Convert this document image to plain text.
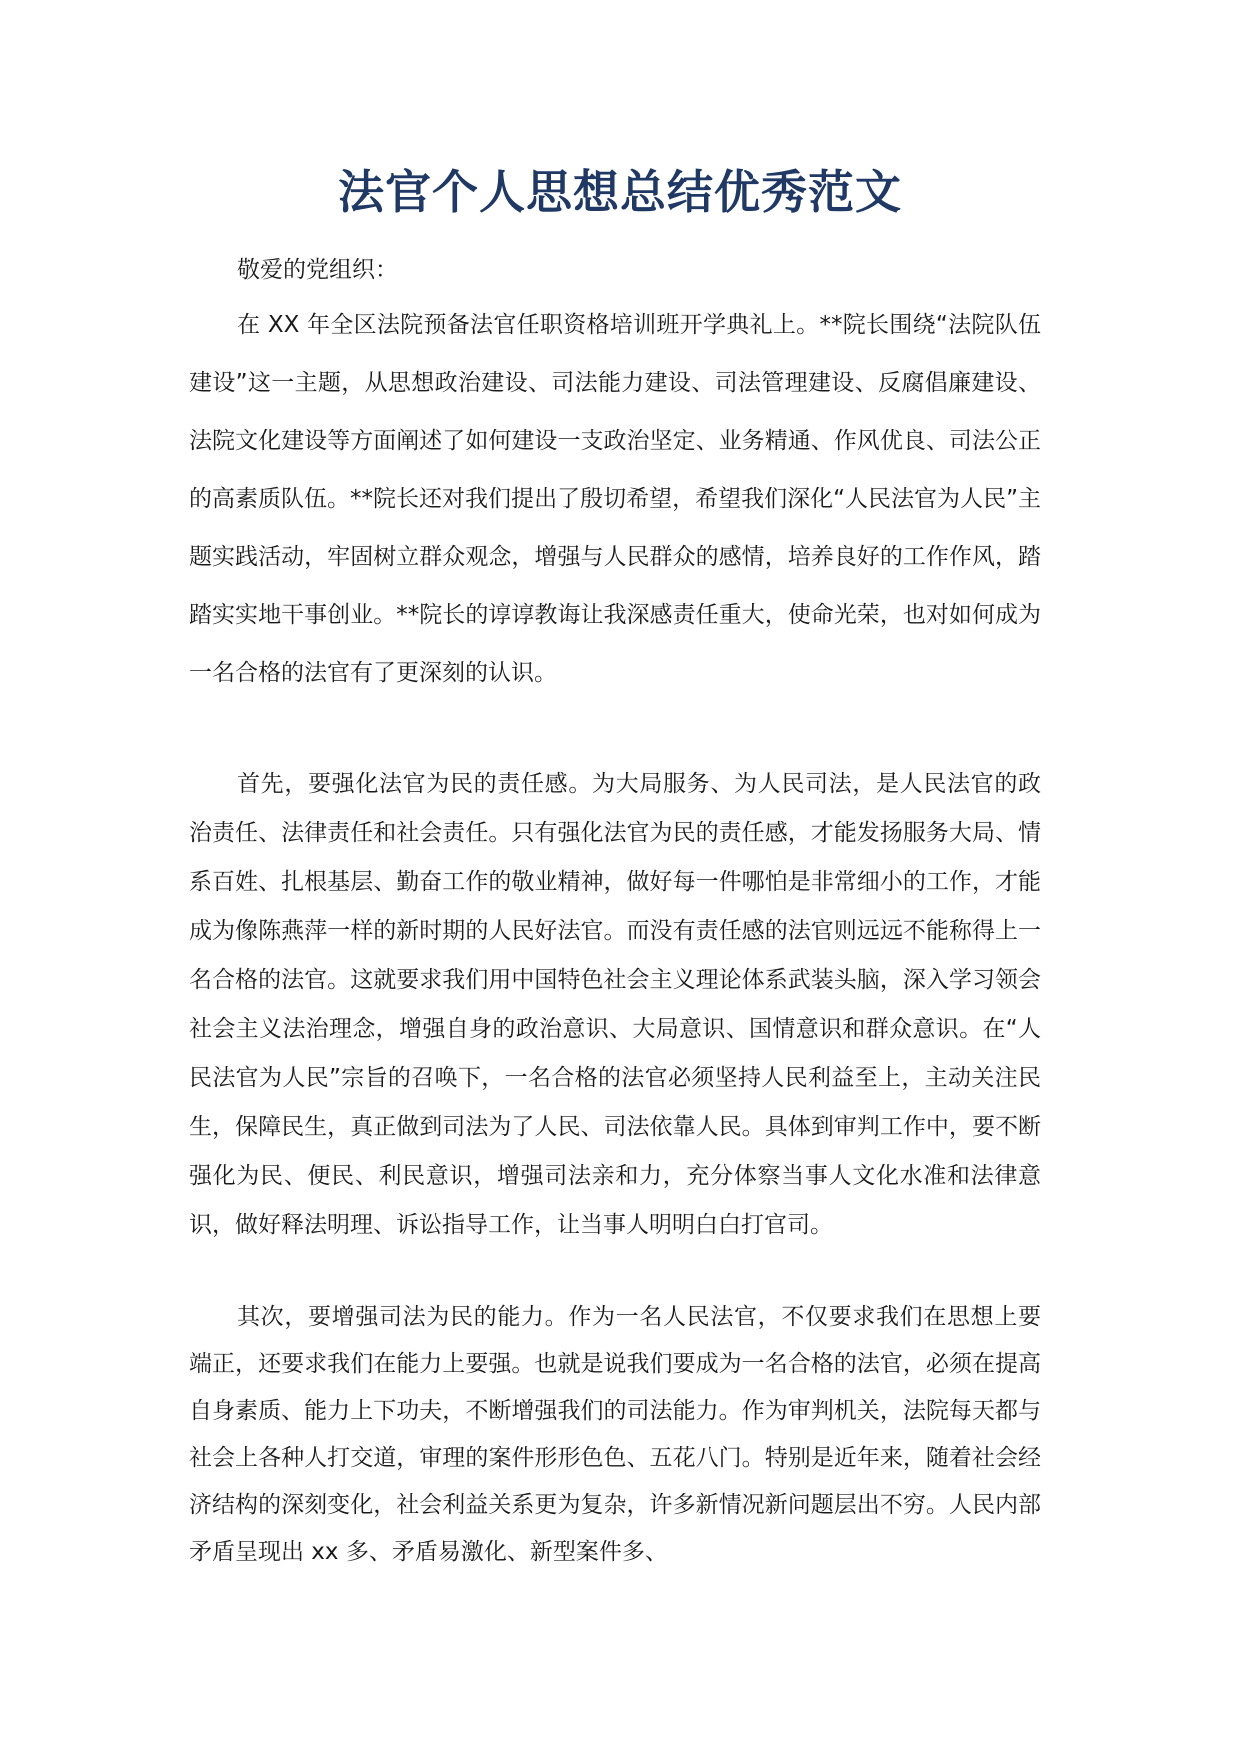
法官个人思想总结优秀范文

敬爱的党组织：

在 XX 年全区法院预备法官任职资格培训班开学典礼上。**院长围绕“法院队伍建设”这一主题，从思想政治建设、司法能力建设、司法管理建设、反腐倡廉建设、法院文化建设等方面阐述了如何建设一支政治坚定、业务精通、作风优良、司法公正的高素质队伍。**院长还对我们提出了殷切希望，希望我们深化“人民法官为人民”主题实践活动，牢固树立群众观念，增强与人民群众的感情，培养良好的工作作风，踏踏实实地干事创业。**院长的谆谆教诲让我深感责任重大，使命光荣，也对如何成为一名合格的法官有了更深刻的认识。

首先，要强化法官为民的责任感。为大局服务、为人民司法，是人民法官的政治责任、法律责任和社会责任。只有强化法官为民的责任感，才能发扬服务大局、情系百姓、扎根基层、勤奋工作的敬业精神，做好每一件哪怕是非常细小的工作，才能成为像陈燕萍一样的新时期的人民好法官。而没有责任感的法官则远远不能称得上一名合格的法官。这就要求我们用中国特色社会主义理论体系武装头脑，深入学习领会社会主义法治理念，增强自身的政治意识、大局意识、国情意识和群众意识。在“人民法官为人民”宗旨的召唤下，一名合格的法官必须坚持人民利益至上，主动关注民生，保障民生，真正做到司法为了人民、司法依靠人民。具体到审判工作中，要不断强化为民、便民、利民意识，增强司法亲和力，充分体察当事人文化水准和法律意识，做好释法明理、诉讼指导工作，让当事人明明白白打官司。

其次，要增强司法为民的能力。作为一名人民法官，不仅要求我们在思想上要端正，还要求我们在能力上要强。也就是说我们要成为一名合格的法官，必须在提高自身素质、能力上下功夫，不断增强我们的司法能力。作为审判机关，法院每天都与社会上各种人打交道，审理的案件形形色色、五花八门。特别是近年来，随着社会经济结构的深刻变化，社会利益关系更为复杂，许多新情况新问题层出不穷。人民内部矛盾呈现出 xx 多、矛盾易激化、新型案件多、
